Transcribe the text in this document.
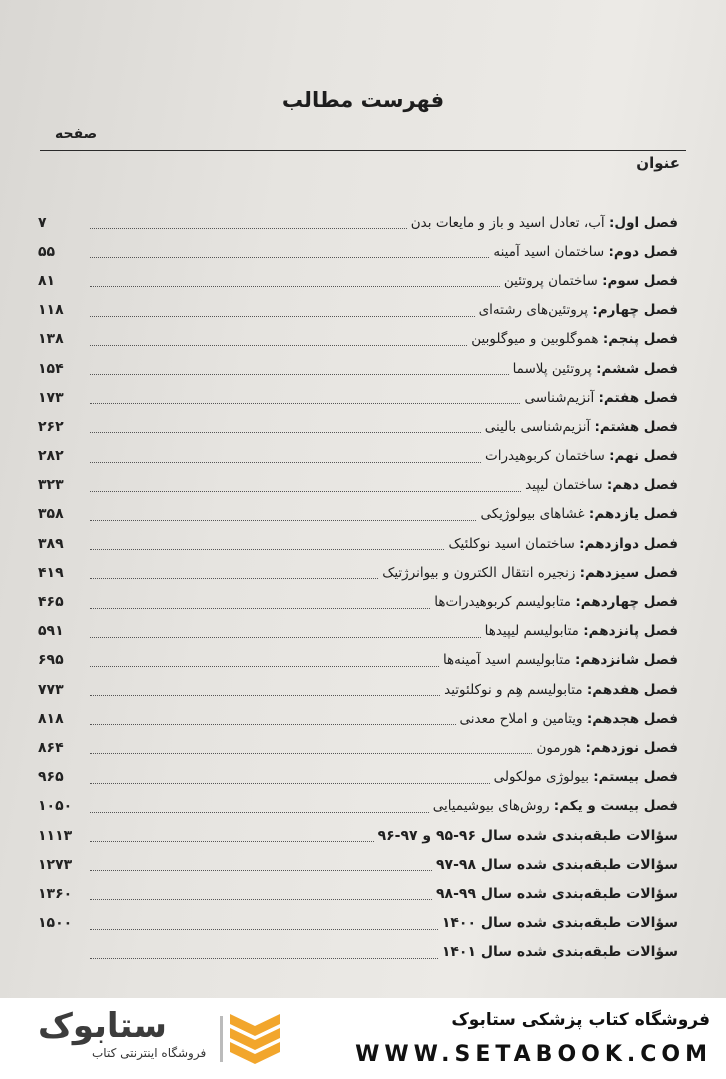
فهرست مطالب
صفحه
عنوان
۷	فصل اول: آب، تعادل اسید و باز و مایعات بدن
۵۵	فصل دوم: ساختمان اسید آمینه
۸۱	فصل سوم: ساختمان پروتئین
۱۱۸	فصل چهارم: پروتئین‌های رشته‌ای
۱۳۸	فصل پنجم: هموگلوبین و میوگلوبین
۱۵۴	فصل ششم: پروتئین پلاسما
۱۷۳	فصل هفتم: آنزیم‌شناسی
۲۶۲	فصل هشتم: آنزیم‌شناسی بالینی
۲۸۲	فصل نهم: ساختمان کربوهیدرات
۳۲۳	فصل دهم: ساختمان لیپید
۳۵۸	فصل یازدهم: غشاهای بیولوژیکی
۳۸۹	فصل دوازدهم: ساختمان اسید نوکلئیک
۴۱۹	فصل سیزدهم: زنجیره انتقال الکترون و بیوانرژتیک
۴۶۵	فصل چهاردهم: متابولیسم کربوهیدرات‌ها
۵۹۱	فصل پانزدهم: متابولیسم لیپیدها
۶۹۵	فصل شانزدهم: متابولیسم اسید آمینه‌ها
۷۷۳	فصل هفدهم: متابولیسم هِم و نوکلئوتید
۸۱۸	فصل هجدهم: ویتامین و املاح معدنی
۸۶۴	فصل نوزدهم: هورمون
۹۶۵	فصل بیستم: بیولوژی مولکولی
۱۰۵۰	فصل بیست و یکم: روش‌های بیوشیمیایی
۱۱۱۳	سؤالات طبقه‌بندی شده سال ۹۶-۹۵ و ۹۷-۹۶
۱۲۷۳	سؤالات طبقه‌بندی شده سال ۹۸-۹۷
۱۳۶۰	سؤالات طبقه‌بندی شده سال ۹۹-۹۸
۱۵۰۰	سؤالات طبقه‌بندی شده سال ۱۴۰۰
سؤالات طبقه‌بندی شده سال ۱۴۰۱
ستابوک
فروشگاه اینترنتی کتاب
فروشگاه کتاب پزشکی ستابوک
WWW.SETABOOK.COM
